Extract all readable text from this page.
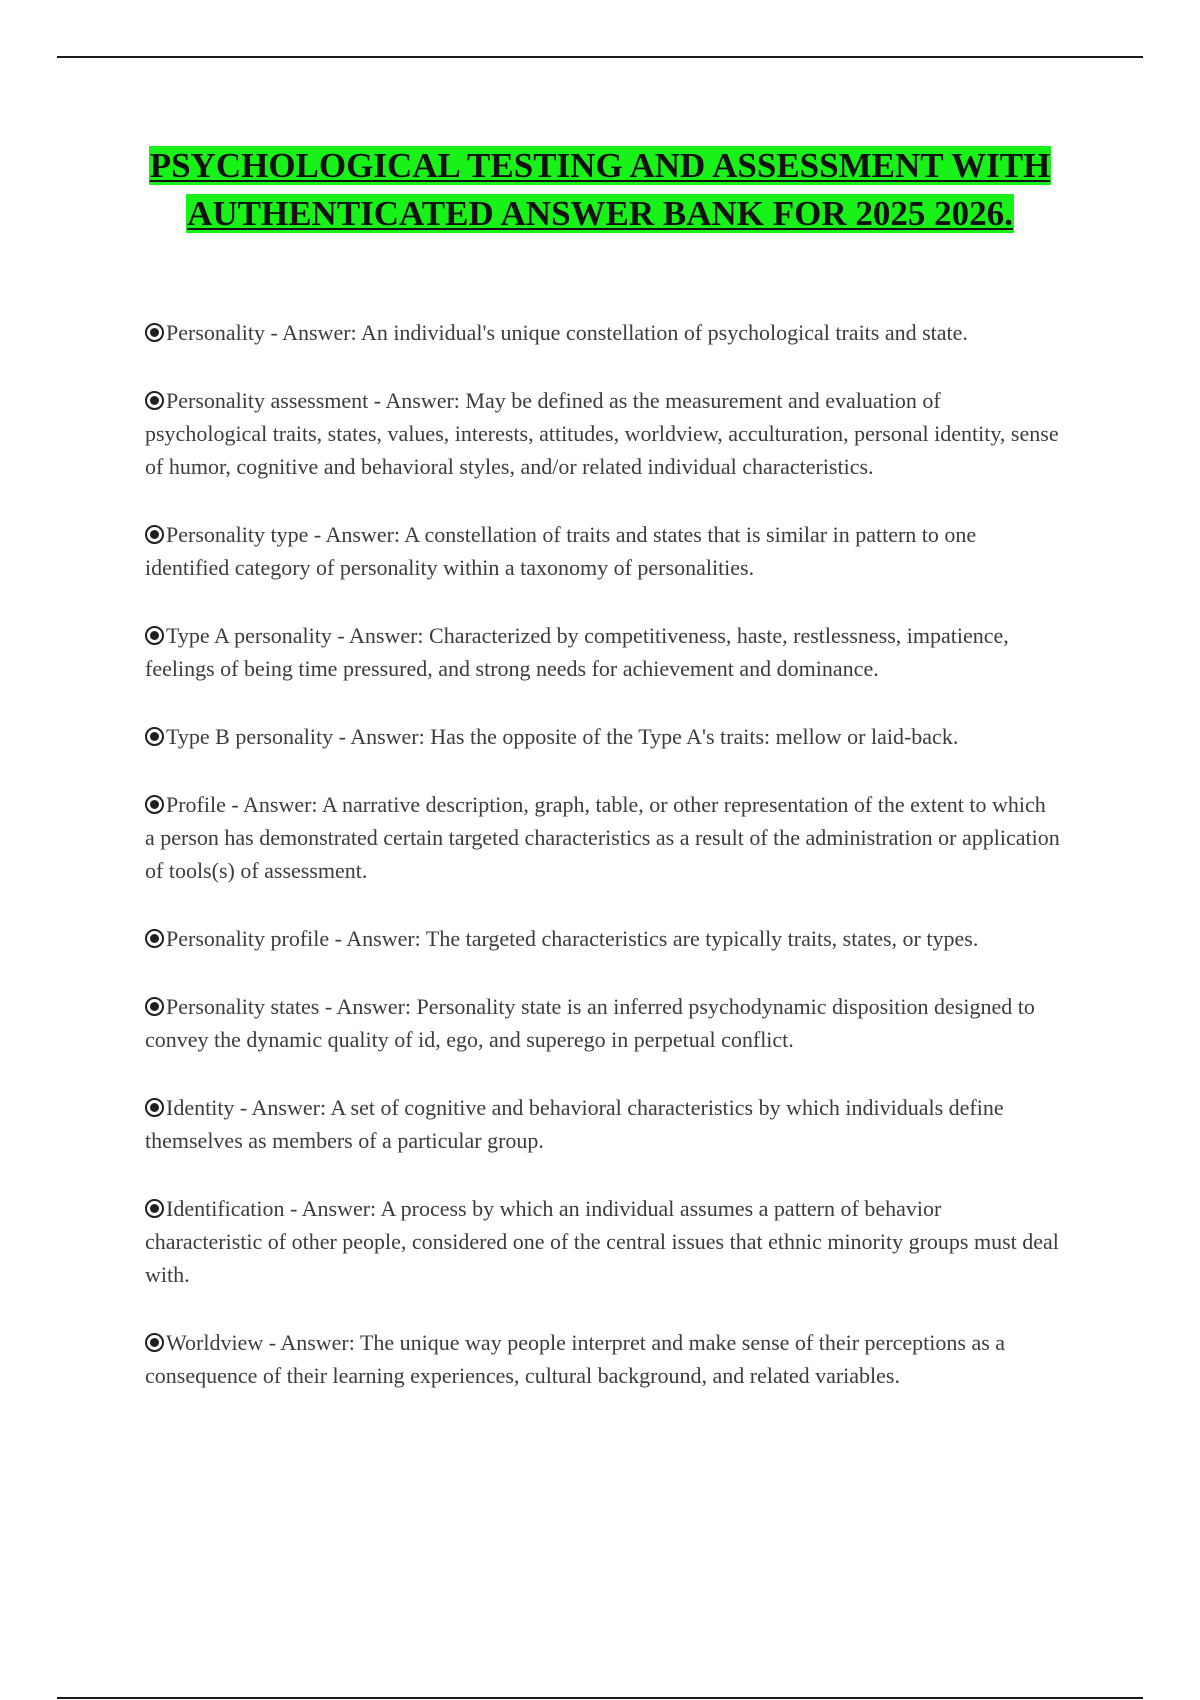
PSYCHOLOGICAL TESTING AND ASSESSMENT WITH AUTHENTICATED ANSWER BANK FOR 2025 2026.

Personality - Answer: An individual's unique constellation of psychological traits and state.

Personality assessment - Answer: May be defined as the measurement and evaluation of psychological traits, states, values, interests, attitudes, worldview, acculturation, personal identity, sense of humor, cognitive and behavioral styles, and/or related individual characteristics.

Personality type - Answer: A constellation of traits and states that is similar in pattern to one identified category of personality within a taxonomy of personalities.

Type A personality - Answer: Characterized by competitiveness, haste, restlessness, impatience, feelings of being time pressured, and strong needs for achievement and dominance.

Type B personality - Answer: Has the opposite of the Type A's traits: mellow or laid-back.

Profile - Answer: A narrative description, graph, table, or other representation of the extent to which a person has demonstrated certain targeted characteristics as a result of the administration or application of tools(s) of assessment.

Personality profile - Answer: The targeted characteristics are typically traits, states, or types.

Personality states - Answer: Personality state is an inferred psychodynamic disposition designed to convey the dynamic quality of id, ego, and superego in perpetual conflict.

Identity - Answer: A set of cognitive and behavioral characteristics by which individuals define themselves as members of a particular group.

Identification - Answer: A process by which an individual assumes a pattern of behavior characteristic of other people, considered one of the central issues that ethnic minority groups must deal with.

Worldview - Answer: The unique way people interpret and make sense of their perceptions as a consequence of their learning experiences, cultural background, and related variables.
